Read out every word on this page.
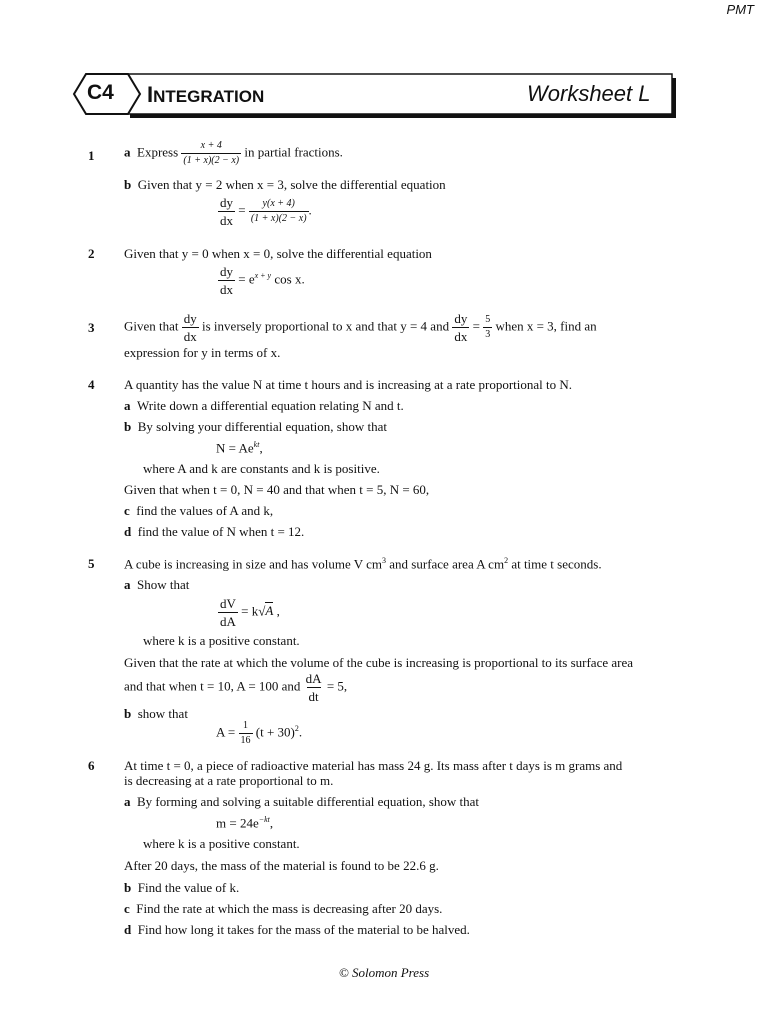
PMT
C4 INTEGRATION	Worksheet L
1 a Express $\frac{x + 4}{(1 + x)(2 - x)}$ in partial fractions.
b Given that y = 2 when x = 3, solve the differential equation
$\frac{dy}{dx} = \frac{y(x + 4)}{(1 + x)(2 - x)}$ .
2 Given that y = 0 when x = 0, solve the differential equation
$\frac{dy}{dx} = e^{x + y}$ cos x.
3 Given that $\frac{dy}{dx}$ is inversely proportional to x and that y = 4 and $\frac{dy}{dx} = \frac{5}{3}$ when x = 3, find an
expression for y in terms of x.
4 A quantity has the value N at time t hours and is increasing at a rate proportional to N.
a Write down a differential equation relating N and t.
b By solving your differential equation, show that
$N = Ae^{kt}$,
where A and k are constants and k is positive.
Given that when t = 0, N = 40 and that when t = 5, N = 60,
c find the values of A and k,
d find the value of N when t = 12.
5 A cube is increasing in size and has volume V $cm^3$ and surface area A $cm^2$ at time t seconds.
a Show that
$\frac{dV}{dA} = k√A$ ,
where k is a positive constant.
Given that the rate at which the volume of the cube is increasing is proportional to its surface area
and that when t = 10, A = 100 and $\frac{dA}{dt} = 5$,
b show that
$A = \frac{1}{16} (t + 30)^2$.
6 At time t = 0, a piece of radioactive material has mass 24 g. Its mass after t days is m grams and
is decreasing at a rate proportional to m.
a By forming and solving a suitable differential equation, show that
$m = 24e^{-kt}$,
where k is a positive constant.
After 20 days, the mass of the material is found to be 22.6 g.
b Find the value of k.
c Find the rate at which the mass is decreasing after 20 days.
d Find how long it takes for the mass of the material to be halved.
© Solomon Press
